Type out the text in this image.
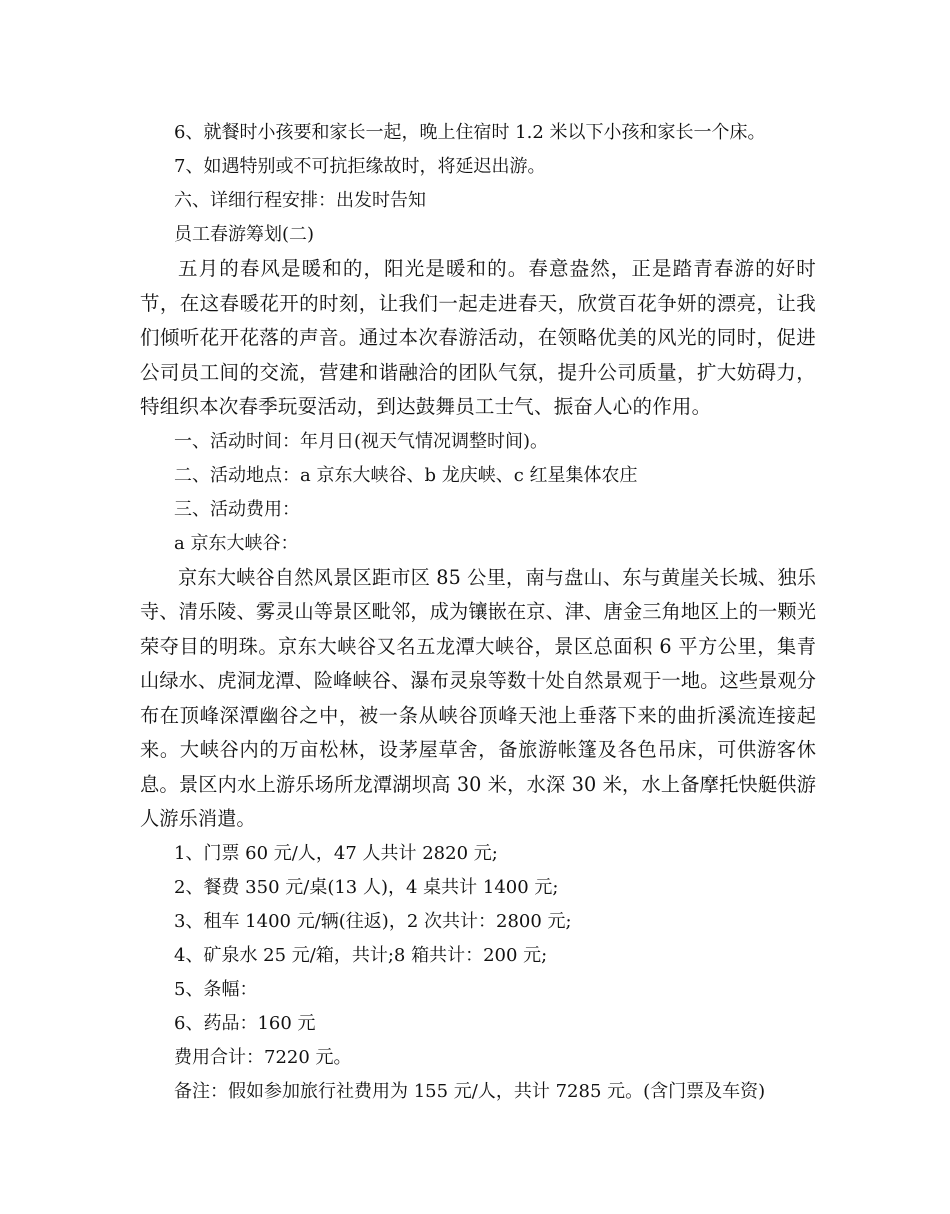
6、就餐时小孩要和家长一起，晚上住宿时 1.2 米以下小孩和家长一个床。

7、如遇特别或不可抗拒缘故时，将延迟出游。

六、详细行程安排：出发时告知

员工春游筹划(二)

五月的春风是暖和的，阳光是暖和的。春意盎然，正是踏青春游的好时节，在这春暖花开的时刻，让我们一起走进春天，欣赏百花争妍的漂亮，让我们倾听花开花落的声音。通过本次春游活动，在领略优美的风光的同时，促进公司员工间的交流，营建和谐融洽的团队气氛，提升公司质量，扩大妨碍力，特组织本次春季玩耍活动，到达鼓舞员工士气、振奋人心的作用。

一、活动时间：年月日(视天气情况调整时间)。

二、活动地点：a 京东大峡谷、b 龙庆峡、c 红星集体农庄

三、活动费用：

a 京东大峡谷：

京东大峡谷自然风景区距市区 85 公里，南与盘山、东与黄崖关长城、独乐寺、清乐陵、雾灵山等景区毗邻，成为镶嵌在京、津、唐金三角地区上的一颗光荣夺目的明珠。京东大峡谷又名五龙潭大峡谷，景区总面积 6 平方公里，集青山绿水、虎洞龙潭、险峰峡谷、瀑布灵泉等数十处自然景观于一地。这些景观分布在顶峰深潭幽谷之中，被一条从峡谷顶峰天池上垂落下来的曲折溪流连接起来。大峡谷内的万亩松林，设茅屋草舍，备旅游帐篷及各色吊床，可供游客休息。景区内水上游乐场所龙潭湖坝高 30 米，水深 30 米，水上备摩托快艇供游人游乐消遣。

1、门票 60 元/人，47 人共计 2820 元;

2、餐费 350 元/桌(13 人)，4 桌共计 1400 元;

3、租车 1400 元/辆(往返)，2 次共计：2800 元;

4、矿泉水 25 元/箱，共计;8 箱共计：200 元;

5、条幅：

6、药品：160 元

费用合计：7220 元。

备注：假如参加旅行社费用为 155 元/人，共计 7285 元。(含门票及车资)
